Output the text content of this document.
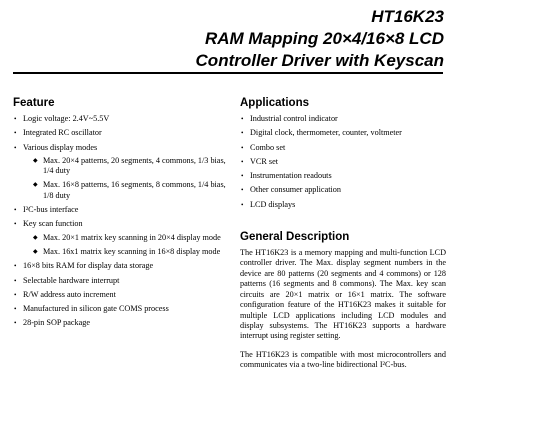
HT16K23
RAM Mapping 20×4/16×8 LCD
Controller Driver with Keyscan
Feature
• Logic voltage: 2.4V~5.5V
• Integrated RC oscillator
• Various display modes
◆ Max. 20×4 patterns, 20 segments, 4 commons, 1/3 bias, 1/4 duty
◆ Max. 16×8 patterns, 16 segments, 8 commons, 1/4 bias, 1/8 duty
• I²C-bus interface
• Key scan function
◆ Max. 20×1 matrix key scanning in 20×4 display mode
◆ Max. 16x1 matrix key scanning in 16×8 display mode
• 16×8 bits RAM for display data storage
• Selectable hardware interrupt
• R/W address auto increment
• Manufactured in silicon gate COMS process
• 28-pin SOP package
Applications
• Industrial control indicator
• Digital clock, thermometer, counter, voltmeter
• Combo set
• VCR set
• Instrumentation readouts
• Other consumer application
• LCD displays
General Description

The HT16K23 is a memory mapping and multi-function LCD controller driver. The Max. display segment numbers in the device are 80 patterns (20 segments and 4 commons) or 128 patterns (16 segments and 8 commons). The Max. key scan circuits are 20×1 matrix or 16×1 matrix. The software configuration feature of the HT16K23 makes it suitable for multiple LCD applications including LCD modules and display subsystems. The HT16K23 supports a hardware interrupt using register setting.

The HT16K23 is compatible with most microcontrollers and communicates via a two-line bidirectional I²C-bus.
